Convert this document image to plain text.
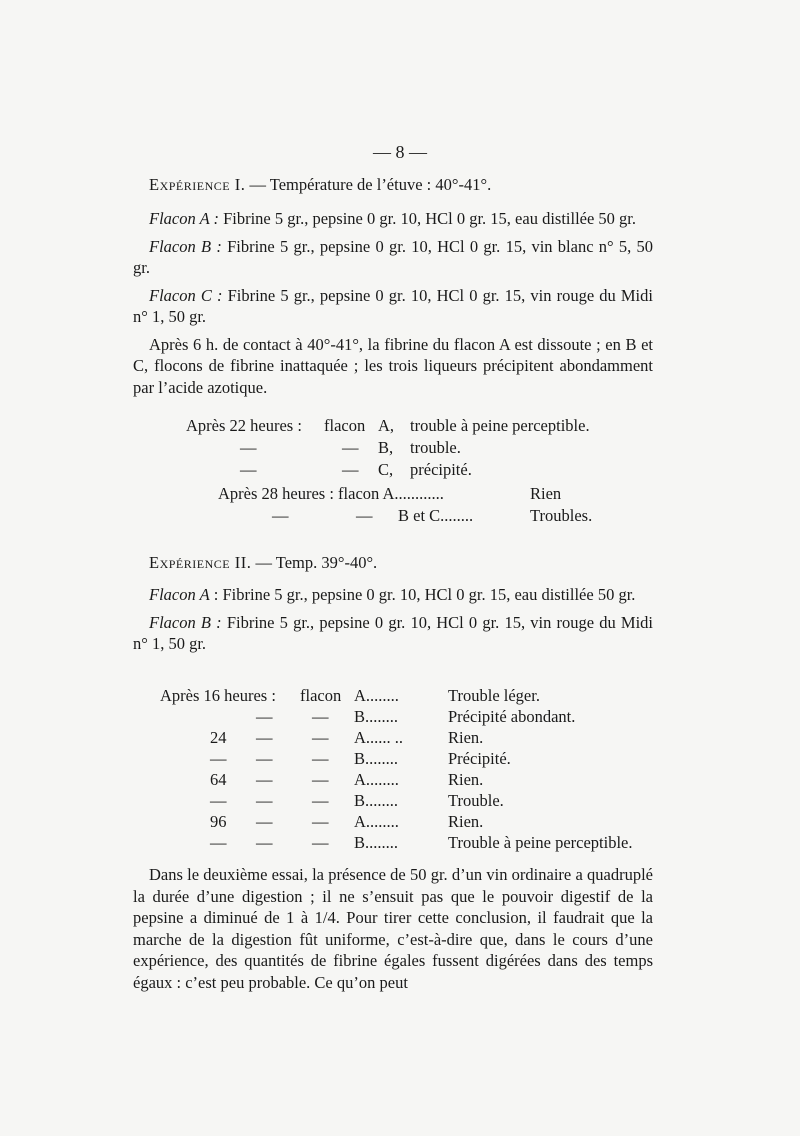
— 8 —

Expérience I. — Température de l’étuve : 40°-41°.

Flacon A : Fibrine 5 gr., pepsine 0 gr. 10, HCl 0 gr. 15, eau distillée 50 gr.

Flacon B : Fibrine 5 gr., pepsine 0 gr. 10, HCl 0 gr. 15, vin blanc n° 5, 50 gr.

Flacon C : Fibrine 5 gr., pepsine 0 gr. 10, HCl 0 gr. 15, vin rouge du Midi n° 1, 50 gr.

Après 6 h. de contact à 40°-41°, la fibrine du flacon A est dissoute ; en B et C, flocons de fibrine inattaquée ; les trois liqueurs précipitent abondamment par l’acide azotique.

Après 22 heures : flacon A, trouble à peine perceptible.
—	— B, trouble.
—	— C, précipité.
Après 28 heures : flacon A............	Rien
—	— B et C........	Troubles.

Expérience II. — Temp. 39°-40°.

Flacon A : Fibrine 5 gr., pepsine 0 gr. 10, HCl 0 gr. 15, eau distillée 50 gr.

Flacon B : Fibrine 5 gr., pepsine 0 gr. 10, HCl 0 gr. 15, vin rouge du Midi n° 1, 50 gr.

Après 16 heures : flacon A........	Trouble léger.
— — B........	Précipité abondant.
24 — — A...... ..	Rien.
— — — B........	Précipité.
64 — — A........	Rien.
— — — B........	Trouble.
96 — — A........	Rien.
— — — B........	Trouble à peine perceptible.

Dans le deuxième essai, la présence de 50 gr. d’un vin ordinaire a quadruplé la durée d’une digestion ; il ne s’ensuit pas que le pouvoir digestif de la pepsine a diminué de 1 à 1/4. Pour tirer cette conclusion, il faudrait que la marche de la digestion fût uniforme, c’est-à-dire que, dans le cours d’une expérience, des quantités de fibrine égales fussent digérées dans des temps égaux : c’est peu probable. Ce qu’on peut
